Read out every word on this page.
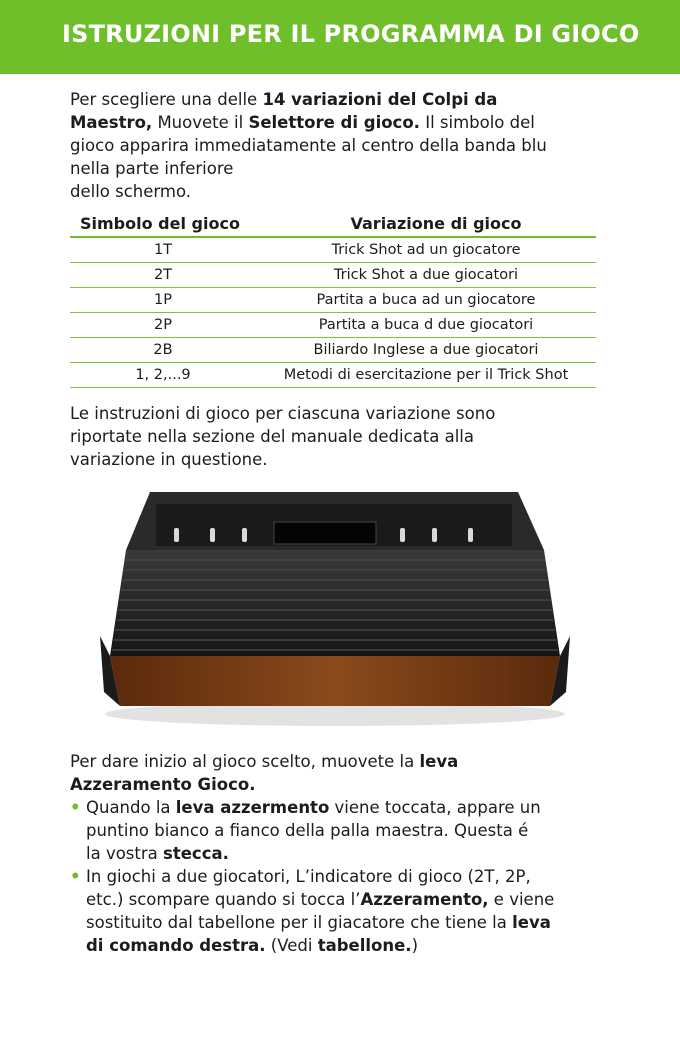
ISTRUZIONI PER IL PROGRAMMA DI GIOCO

Per scegliere una delle 14 variazioni del Colpi da
Maestro, Muovete il Selettore di gioco. Il simbolo del
gioco apparira immediatamente al centro della banda blu
nella parte inferiore
dello schermo.

Simbolo del gioco	Variazione di gioco
1T	Trick Shot ad un giocatore
2T	Trick Shot a due giocatori
1P	Partita a buca ad un giocatore
2P	Partita a buca d due giocatori
2B	Biliardo Inglese a due giocatori
1, 2,...9	Metodi di esercitazione per il Trick Shot

Le instruzioni di gioco per ciascuna variazione sono
riportate nella sezione del manuale dedicata alla
variazione in questione.

Per dare inizio al gioco scelto, muovete la leva
Azzeramento Gioco.

• Quando la leva azzermento viene toccata, appare un
puntino bianco a fianco della palla maestra. Questa é
la vostra stecca.

• In giochi a due giocatori, L’indicatore di gioco (2T, 2P,
etc.) scompare quando si tocca l’Azzeramento, e viene
sostituito dal tabellone per il giacatore che tiene la leva
di comando destra. (Vedi tabellone.)
